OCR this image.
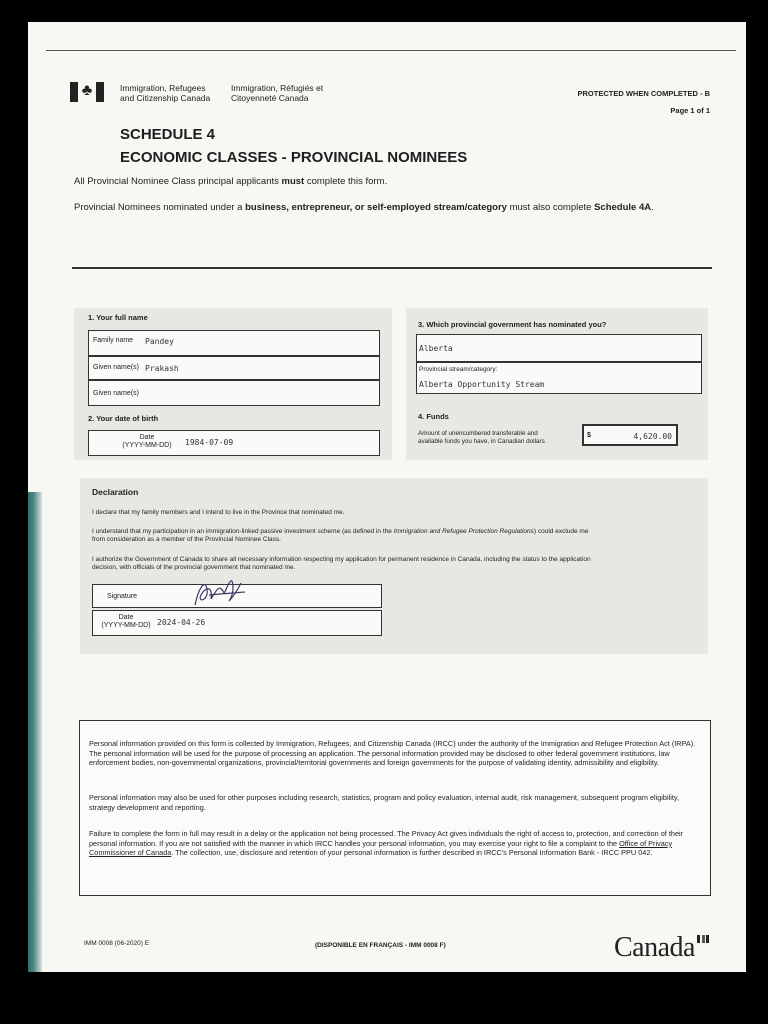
♣	Immigration, Refugees and Citizenship Canada
Immigration, Réfugiés et Citoyenneté Canada	PROTECTED WHEN COMPLETED - B
Page 1 of 1
SCHEDULE 4
ECONOMIC CLASSES - PROVINCIAL NOMINEES
All Provincial Nominee Class principal applicants must complete this form.
Provincial Nominees nominated under a business, entrepreneur, or self-employed stream/category must also complete Schedule 4A.
1. Your full name
Family name Pandey
Given name(s) Prakash
Given name(s)
2. Your date of birth
Date
(YYYY-MM-DD)	1984-07-09
3. Which provincial government has nominated you?
Alberta
Provincial stream/category:
Alberta Opportunity Stream
4. Funds
Amount of unencumbered transferable and
available funds you have, in Canadian dollars
$	4,620.00
Declaration
I declare that my family members and I intend to live in the Province that nominated me.
I understand that my participation in an immigration-linked passive investment scheme (as defined in the Immigration and Refugee Protection Regulations) could exclude me
from consideration as a member of the Provincial Nominee Class.
I authorize the Government of Canada to share all necessary information respecting my application for permanent residence in Canada, including the status to the application
decision, with officials of the provincial government that nominated me.
Signature
Date
(YYYY-MM-DD) 2024-04-26

Personal information provided on this form is collected by Immigration, Refugees, and Citizenship Canada (IRCC) under the authority of the Immigration and Refugee Protection Act (IRPA). The personal information will be used for the purpose of processing an application. The personal information provided may be disclosed to other federal government institutions, law enforcement bodies, non-governmental organizations, provincial/territorial governments and foreign governments for the purpose of validating identity, admissibility and eligibility.

Personal information may also be used for other purposes including research, statistics, program and policy evaluation, internal audit, risk management, subsequent program eligibility, strategy development and reporting.

Failure to complete the form in full may result in a delay or the application not being processed. The Privacy Act gives individuals the right of access to, protection, and correction of their personal information. If you are not satisfied with the manner in which IRCC handles your personal information, you may exercise your right to file a complaint to the Office of Privacy Commissioner of Canada. The collection, use, disclosure and retention of your personal information is further described in IRCC's Personal Information Bank - IRCC PPU 042.

IMM 0008 (06-2020) E	(DISPONIBLE EN FRANÇAIS - IMM 0008 F)	Canada
